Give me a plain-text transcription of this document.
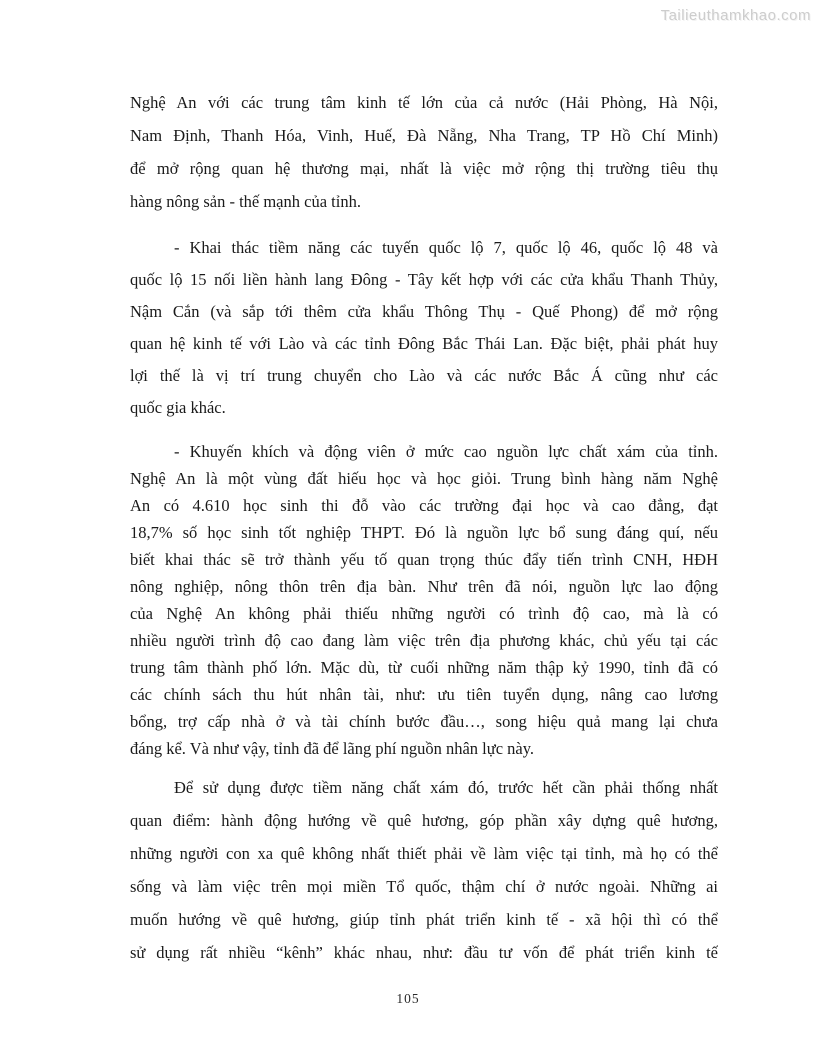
Tailieuthamkhao.com
Nghệ An với các trung tâm kinh tế lớn của cả nước (Hải Phòng, Hà Nội,
Nam Định, Thanh Hóa, Vinh, Huế, Đà Nẵng, Nha Trang, TP Hồ Chí Minh)
để mở rộng quan hệ thương mại, nhất là việc mở rộng thị trường tiêu thụ
hàng nông sản - thế mạnh của tỉnh.
- Khai thác tiềm năng các tuyến quốc lộ 7, quốc lộ 46, quốc lộ 48 và
quốc lộ 15 nối liền hành lang Đông - Tây kết hợp với các cửa khẩu Thanh Thủy,
Nậm Cắn (và sắp tới thêm cửa khẩu Thông Thụ - Quế Phong) để mở rộng
quan hệ kinh tế với Lào và các tỉnh Đông Bắc Thái Lan. Đặc biệt, phải phát huy
lợi thế là vị trí trung chuyển cho Lào và các nước Bắc Á cũng như các
quốc gia khác.
- Khuyến khích và động viên ở mức cao nguồn lực chất xám của tỉnh.
Nghệ An là một vùng đất hiếu học và học giỏi. Trung bình hàng năm Nghệ
An có 4.610 học sinh thi đỗ vào các trường đại học và cao đẳng, đạt
18,7% số học sinh tốt nghiệp THPT. Đó là nguồn lực bổ sung đáng quí, nếu
biết khai thác sẽ trở thành yếu tố quan trọng thúc đẩy tiến trình CNH, HĐH
nông nghiệp, nông thôn trên địa bàn. Như trên đã nói, nguồn lực lao động
của Nghệ An không phải thiếu những người có trình độ cao, mà là có
nhiều người trình độ cao đang làm việc trên địa phương khác, chủ yếu tại các
trung tâm thành phố lớn. Mặc dù, từ cuối những năm thập kỷ 1990, tỉnh đã có
các chính sách thu hút nhân tài, như: ưu tiên tuyển dụng, nâng cao lương
bổng, trợ cấp nhà ở và tài chính bước đầu…, song hiệu quả mang lại chưa
đáng kể. Và như vậy, tỉnh đã để lãng phí nguồn nhân lực này.
Để sử dụng được tiềm năng chất xám đó, trước hết cần phải thống nhất
quan điểm: hành động hướng về quê hương, góp phần xây dựng quê hương,
những người con xa quê không nhất thiết phải về làm việc tại tỉnh, mà họ có thể
sống và làm việc trên mọi miền Tổ quốc, thậm chí ở nước ngoài. Những ai
muốn hướng về quê hương, giúp tỉnh phát triển kinh tế - xã hội thì có thể
sử dụng rất nhiều “kênh” khác nhau, như: đầu tư vốn để phát triển kinh tế
105
